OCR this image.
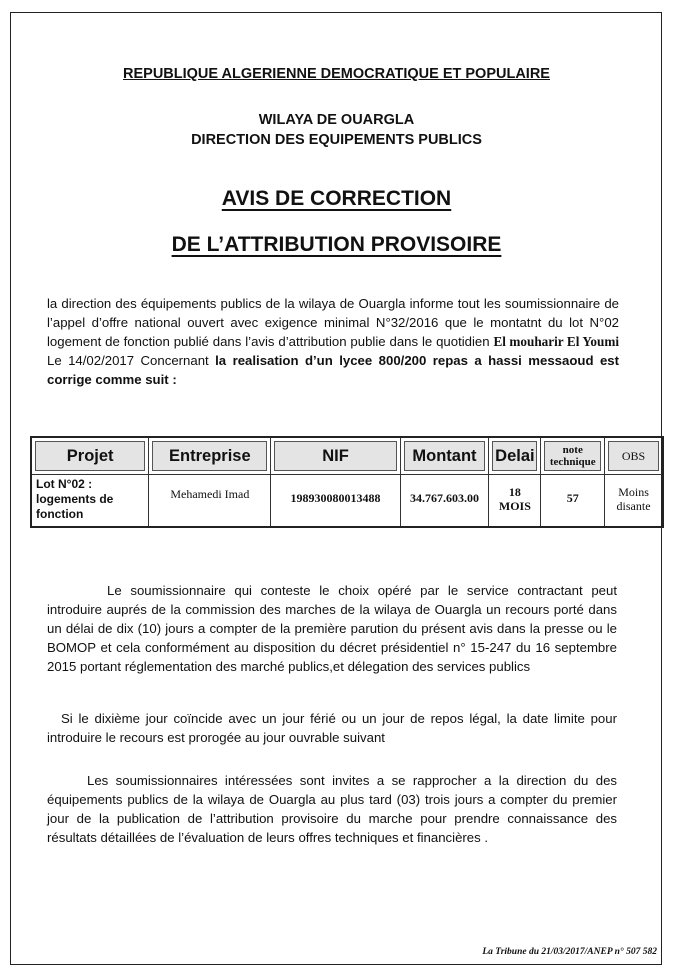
REPUBLIQUE ALGERIENNE DEMOCRATIQUE ET POPULAIRE
WILAYA DE OUARGLA
DIRECTION DES EQUIPEMENTS PUBLICS
AVIS DE CORRECTION
DE L’ATTRIBUTION PROVISOIRE
la direction des équipements publics de la wilaya de Ouargla informe tout les soumissionnaire de l’appel d’offre national ouvert avec exigence minimal N°32/2016 que le montatnt du lot N°02 logement de fonction publié dans l’avis d’attribution publie dans le quotidien El mouharir El Youmi Le 14/02/2017 Concernant la realisation d’un lycee 800/200 repas a hassi messaoud est corrige comme suit :
Projet	Entreprise	NIF	Montant	Delai	note technique	OBS

Lot N°02 : logements de fonction	Mehamedi Imad	198930080013488	34.767.603.00	18 MOIS	57	Moins disante
Le soumissionnaire qui conteste le choix opéré par le service contractant peut introduire auprés de la commission des marches de la wilaya de Ouargla un recours porté dans un délai de dix (10) jours a compter de la première parution du présent avis dans la presse ou le BOMOP et cela conformément au disposition du décret présidentiel n° 15-247 du 16 septembre 2015 portant réglementation des marché publics,et délegation des services publics
Si le dixième jour coïncide avec un jour férié ou un jour de repos légal, la date limite pour introduire le recours est prorogée au jour ouvrable suivant
Les soumissionnaires intéressées sont invites a se rapprocher a la direction du des équipements publics de la wilaya de Ouargla au plus tard (03) trois jours a compter du premier jour de la publication de l’attribution provisoire du marche pour prendre connaissance des résultats détaillées de l’évaluation de leurs offres techniques et financières .
La Tribune du 21/03/2017/ANEP n° 507 582
